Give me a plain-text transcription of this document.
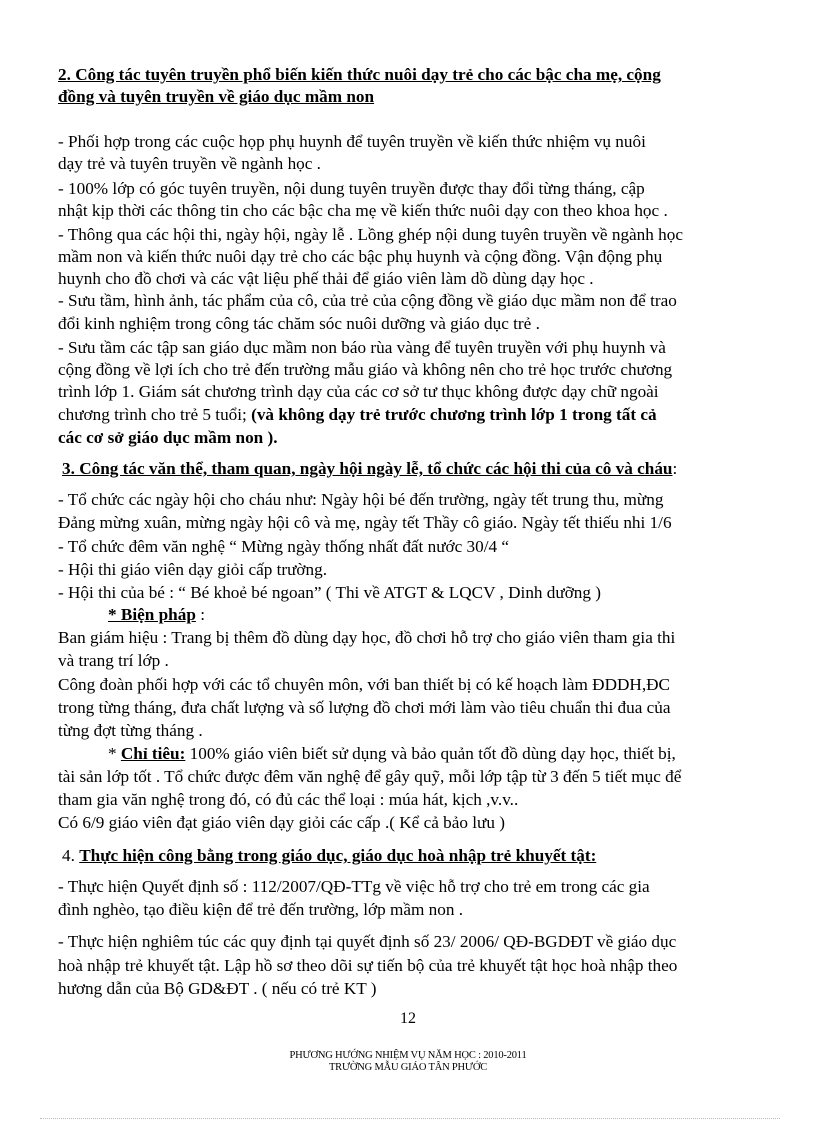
2. Công tác tuyên truyền phổ biến kiến thức nuôi dạy trẻ cho các bậc cha mẹ, cộng
đồng và tuyên truyền về giáo dục mầm non
- Phối hợp trong các cuộc họp phụ huynh để tuyên truyền về kiến thức nhiệm vụ nuôi
dạy trẻ và tuyên truyền về ngành học .
- 100% lớp có góc tuyên truyền, nội dung tuyên truyền được thay đổi từng tháng, cập
nhật kịp thời các thông tin cho các bậc cha mẹ về kiến thức nuôi dạy con theo khoa học .
- Thông qua các hội thi, ngày hội, ngày lễ . Lồng ghép nội dung tuyên truyền về ngành học
mầm non và kiến thức nuôi dạy trẻ cho các bậc phụ huynh và cộng đồng. Vận động phụ
huynh cho đồ chơi và các vật liệu phế thải để giáo viên làm dồ dùng dạy học .
- Sưu tầm, hình ảnh, tác phẩm của cô, của trẻ của cộng đồng về giáo dục mầm non để trao
đổi kinh nghiệm trong công tác chăm sóc nuôi dưỡng và giáo dục trẻ .
- Sưu tầm các tập san giáo dục mầm non báo rùa vàng để tuyên truyền với phụ huynh và
cộng đồng về lợi ích cho trẻ đến trường mẫu giáo và không nên cho trẻ học trước chương
trình lớp 1. Giám sát chương trình dạy của các cơ sở tư thục không được dạy chữ ngoài
chương trình cho trẻ 5 tuổi; (và không dạy trẻ trước chương trình lớp 1 trong tất cả
các cơ sở giáo dục mầm non ).
3. Công tác văn thể, tham quan, ngày hội ngày lễ, tổ chức các hội thi của cô và cháu:
- Tổ chức các ngày hội cho cháu như: Ngày hội bé đến trường, ngày tết trung thu, mừng
Đảng mừng xuân, mừng ngày hội cô và mẹ, ngày tết Thầy cô giáo. Ngày tết thiếu nhi 1/6
- Tổ chức đêm văn nghệ “ Mừng ngày thống nhất đất nước 30/4 “
- Hội thi giáo viên dạy giỏi cấp trường.
- Hội thi của bé : “ Bé khoẻ bé ngoan” ( Thi về ATGT & LQCV , Dinh dưỡng )
* Biện pháp :
Ban giám hiệu : Trang bị thêm đồ dùng dạy học, đồ chơi hỗ trợ cho giáo viên tham gia thi
và trang trí lớp .
Công đoàn phối hợp với các tổ chuyên môn, với ban thiết bị có kế hoạch làm ĐDDH,ĐC
trong từng tháng, đưa chất lượng và số lượng đồ chơi mới làm vào tiêu chuẩn thi đua của
từng đợt từng tháng .
* Chỉ tiêu: 100% giáo viên biết sử dụng và bảo quản tốt đồ dùng dạy học, thiết bị,
tài sản lớp tốt . Tổ chức được đêm văn nghệ để gây quỹ, mỗi lớp tập từ 3 đến 5 tiết mục để
tham gia văn nghệ trong đó, có đủ các thể loại : múa hát, kịch ,v.v..
Có 6/9 giáo viên đạt giáo viên dạy giỏi các cấp .( Kể cả bảo lưu )
4. Thực hiện công bằng trong giáo dục, giáo dục hoà nhập trẻ khuyết tật:
- Thực hiện Quyết định số : 112/2007/QĐ-TTg về việc hỗ trợ cho trẻ em trong các gia
đình nghèo, tạo điều kiện để trẻ đến trường, lớp mầm non .
- Thực hiện nghiêm túc các quy định tại quyết định số 23/ 2006/ QĐ-BGDĐT về giáo dục
hoà nhập trẻ khuyết tật. Lập hồ sơ theo dõi sự tiến bộ của trẻ khuyết tật học hoà nhập theo
hương dẫn của Bộ GD&ĐT . ( nếu có trẻ KT )
12
PHƯƠNG HƯỚNG NHIỆM VỤ NĂM HỌC : 2010-2011
TRƯỜNG MẪU GIÁO TÂN PHƯỚC
